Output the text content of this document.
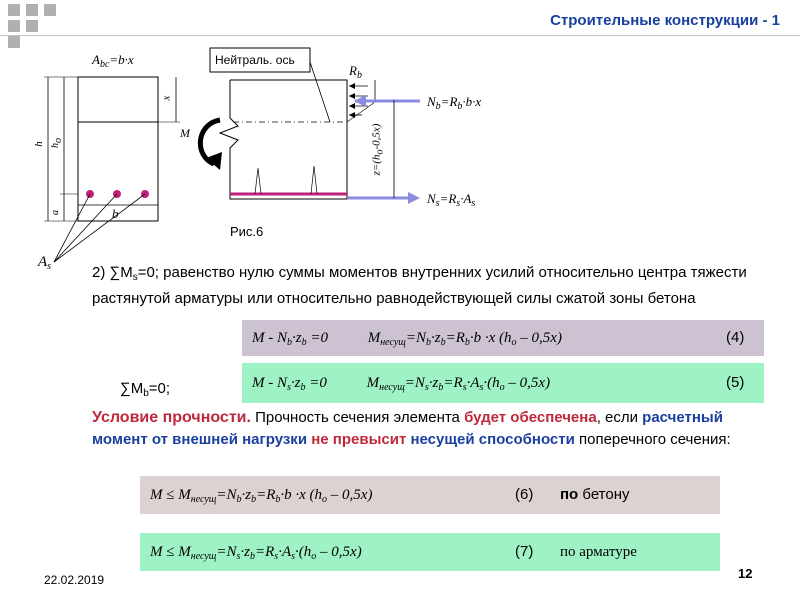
Строительные конструкции - 1
Нейтраль. ось
$A_{bc}=b\cdot x$
h ho
a
x
b
$A_s$
M
$R_b$
$N_b=R_b\cdot b\cdot x$
$N_s=R_s\cdot A_s$
z=(ho-0,5x)
Рис.6
2) $\sum M_s=0$; равенство нулю суммы моментов внутренних усилий относительно центра тяжести растянутой арматуры или относительно равнодействующей силы сжатой зоны бетона
$M - N_b\cdot z_b =0$	$M_{несущ}=N_b\cdot z_b=R_b\cdot b \cdot x$ $(h_o - 0,5x)$	(4)
$\sum M_b=0$;	$M - N_s\cdot z_b =0$	$M_{несущ}=N_s\cdot z_b=R_s\cdot A_s\cdot(h_o - 0,5x)$	(5)
Условие прочности. Прочность сечения элемента будет обеспечена, если расчетный момент от внешней нагрузки не превысит несущей способности поперечного сечения:
$M \le M_{несущ}=N_b\cdot z_b=R_b\cdot b \cdot x$ $(h_o - 0,5x)$	(6) по бетону
$M \le M_{несущ}=N_s\cdot z_b=R_s\cdot A_s\cdot(h_o - 0,5x)$	(7) по арматуре
22.02.2019	12
